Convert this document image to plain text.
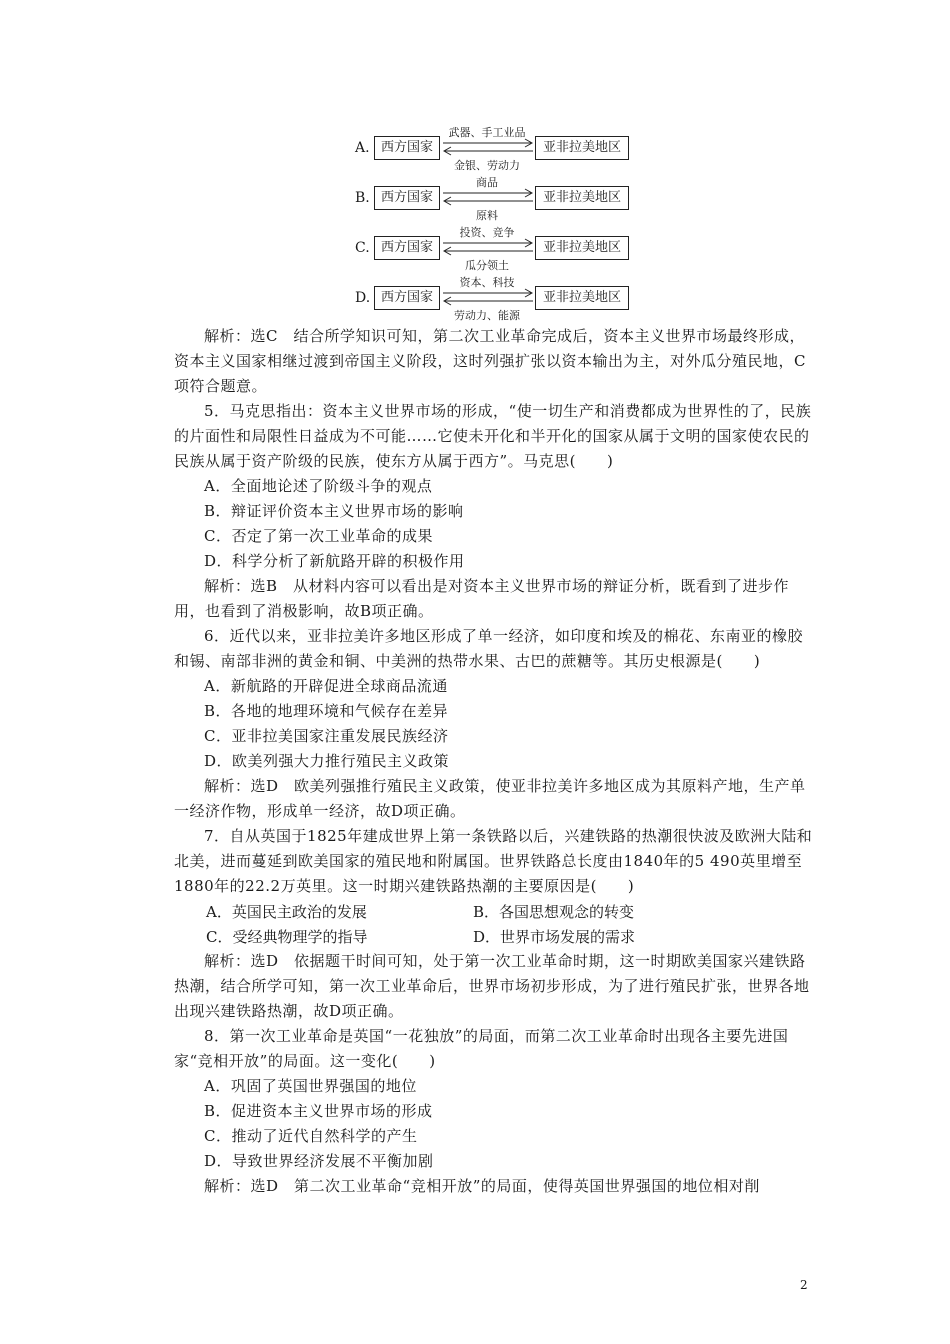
A. 西方国家
武器、手工业品
金银、劳动力
亚非拉美地区
B. 西方国家
商品
原料
亚非拉美地区
C. 西方国家
投资、竞争
瓜分领土
亚非拉美地区
D. 西方国家
资本、科技
劳动力、能源
亚非拉美地区
解析：选C　结合所学知识可知，第二次工业革命完成后，资本主义世界市场最终形成，资本主义国家相继过渡到帝国主义阶段，这时列强扩张以资本输出为主，对外瓜分殖民地，C项符合题意。
5．马克思指出：资本主义世界市场的形成，“使一切生产和消费都成为世界性的了，民族的片面性和局限性日益成为不可能……它使未开化和半开化的国家从属于文明的国家使农民的民族从属于资产阶级的民族，使东方从属于西方”。马克思(　　)
A．全面地论述了阶级斗争的观点
B．辩证评价资本主义世界市场的影响
C．否定了第一次工业革命的成果
D．科学分析了新航路开辟的积极作用
解析：选B　从材料内容可以看出是对资本主义世界市场的辩证分析，既看到了进步作用，也看到了消极影响，故B项正确。
6．近代以来，亚非拉美许多地区形成了单一经济，如印度和埃及的棉花、东南亚的橡胶和锡、南部非洲的黄金和铜、中美洲的热带水果、古巴的蔗糖等。其历史根源是(　　)
A．新航路的开辟促进全球商品流通
B．各地的地理环境和气候存在差异
C．亚非拉美国家注重发展民族经济
D．欧美列强大力推行殖民主义政策
解析：选D　欧美列强推行殖民主义政策，使亚非拉美许多地区成为其原料产地，生产单一经济作物，形成单一经济，故D项正确。
7．自从英国于1825年建成世界上第一条铁路以后，兴建铁路的热潮很快波及欧洲大陆和北美，进而蔓延到欧美国家的殖民地和附属国。世界铁路总长度由1840年的5 490英里增至1880年的22.2万英里。这一时期兴建铁路热潮的主要原因是(　　)
A．英国民主政治的发展	B．各国思想观念的转变
C．受经典物理学的指导	D．世界市场发展的需求
解析：选D　依据题干时间可知，处于第一次工业革命时期，这一时期欧美国家兴建铁路热潮，结合所学可知，第一次工业革命后，世界市场初步形成，为了进行殖民扩张，世界各地出现兴建铁路热潮，故D项正确。
8．第一次工业革命是英国“一花独放”的局面，而第二次工业革命时出现各主要先进国家“竞相开放”的局面。这一变化(　　)
A．巩固了英国世界强国的地位
B．促进资本主义世界市场的形成
C．推动了近代自然科学的产生
D．导致世界经济发展不平衡加剧
解析：选D　第二次工业革命“竞相开放”的局面，使得英国世界强国的地位相对削
2
